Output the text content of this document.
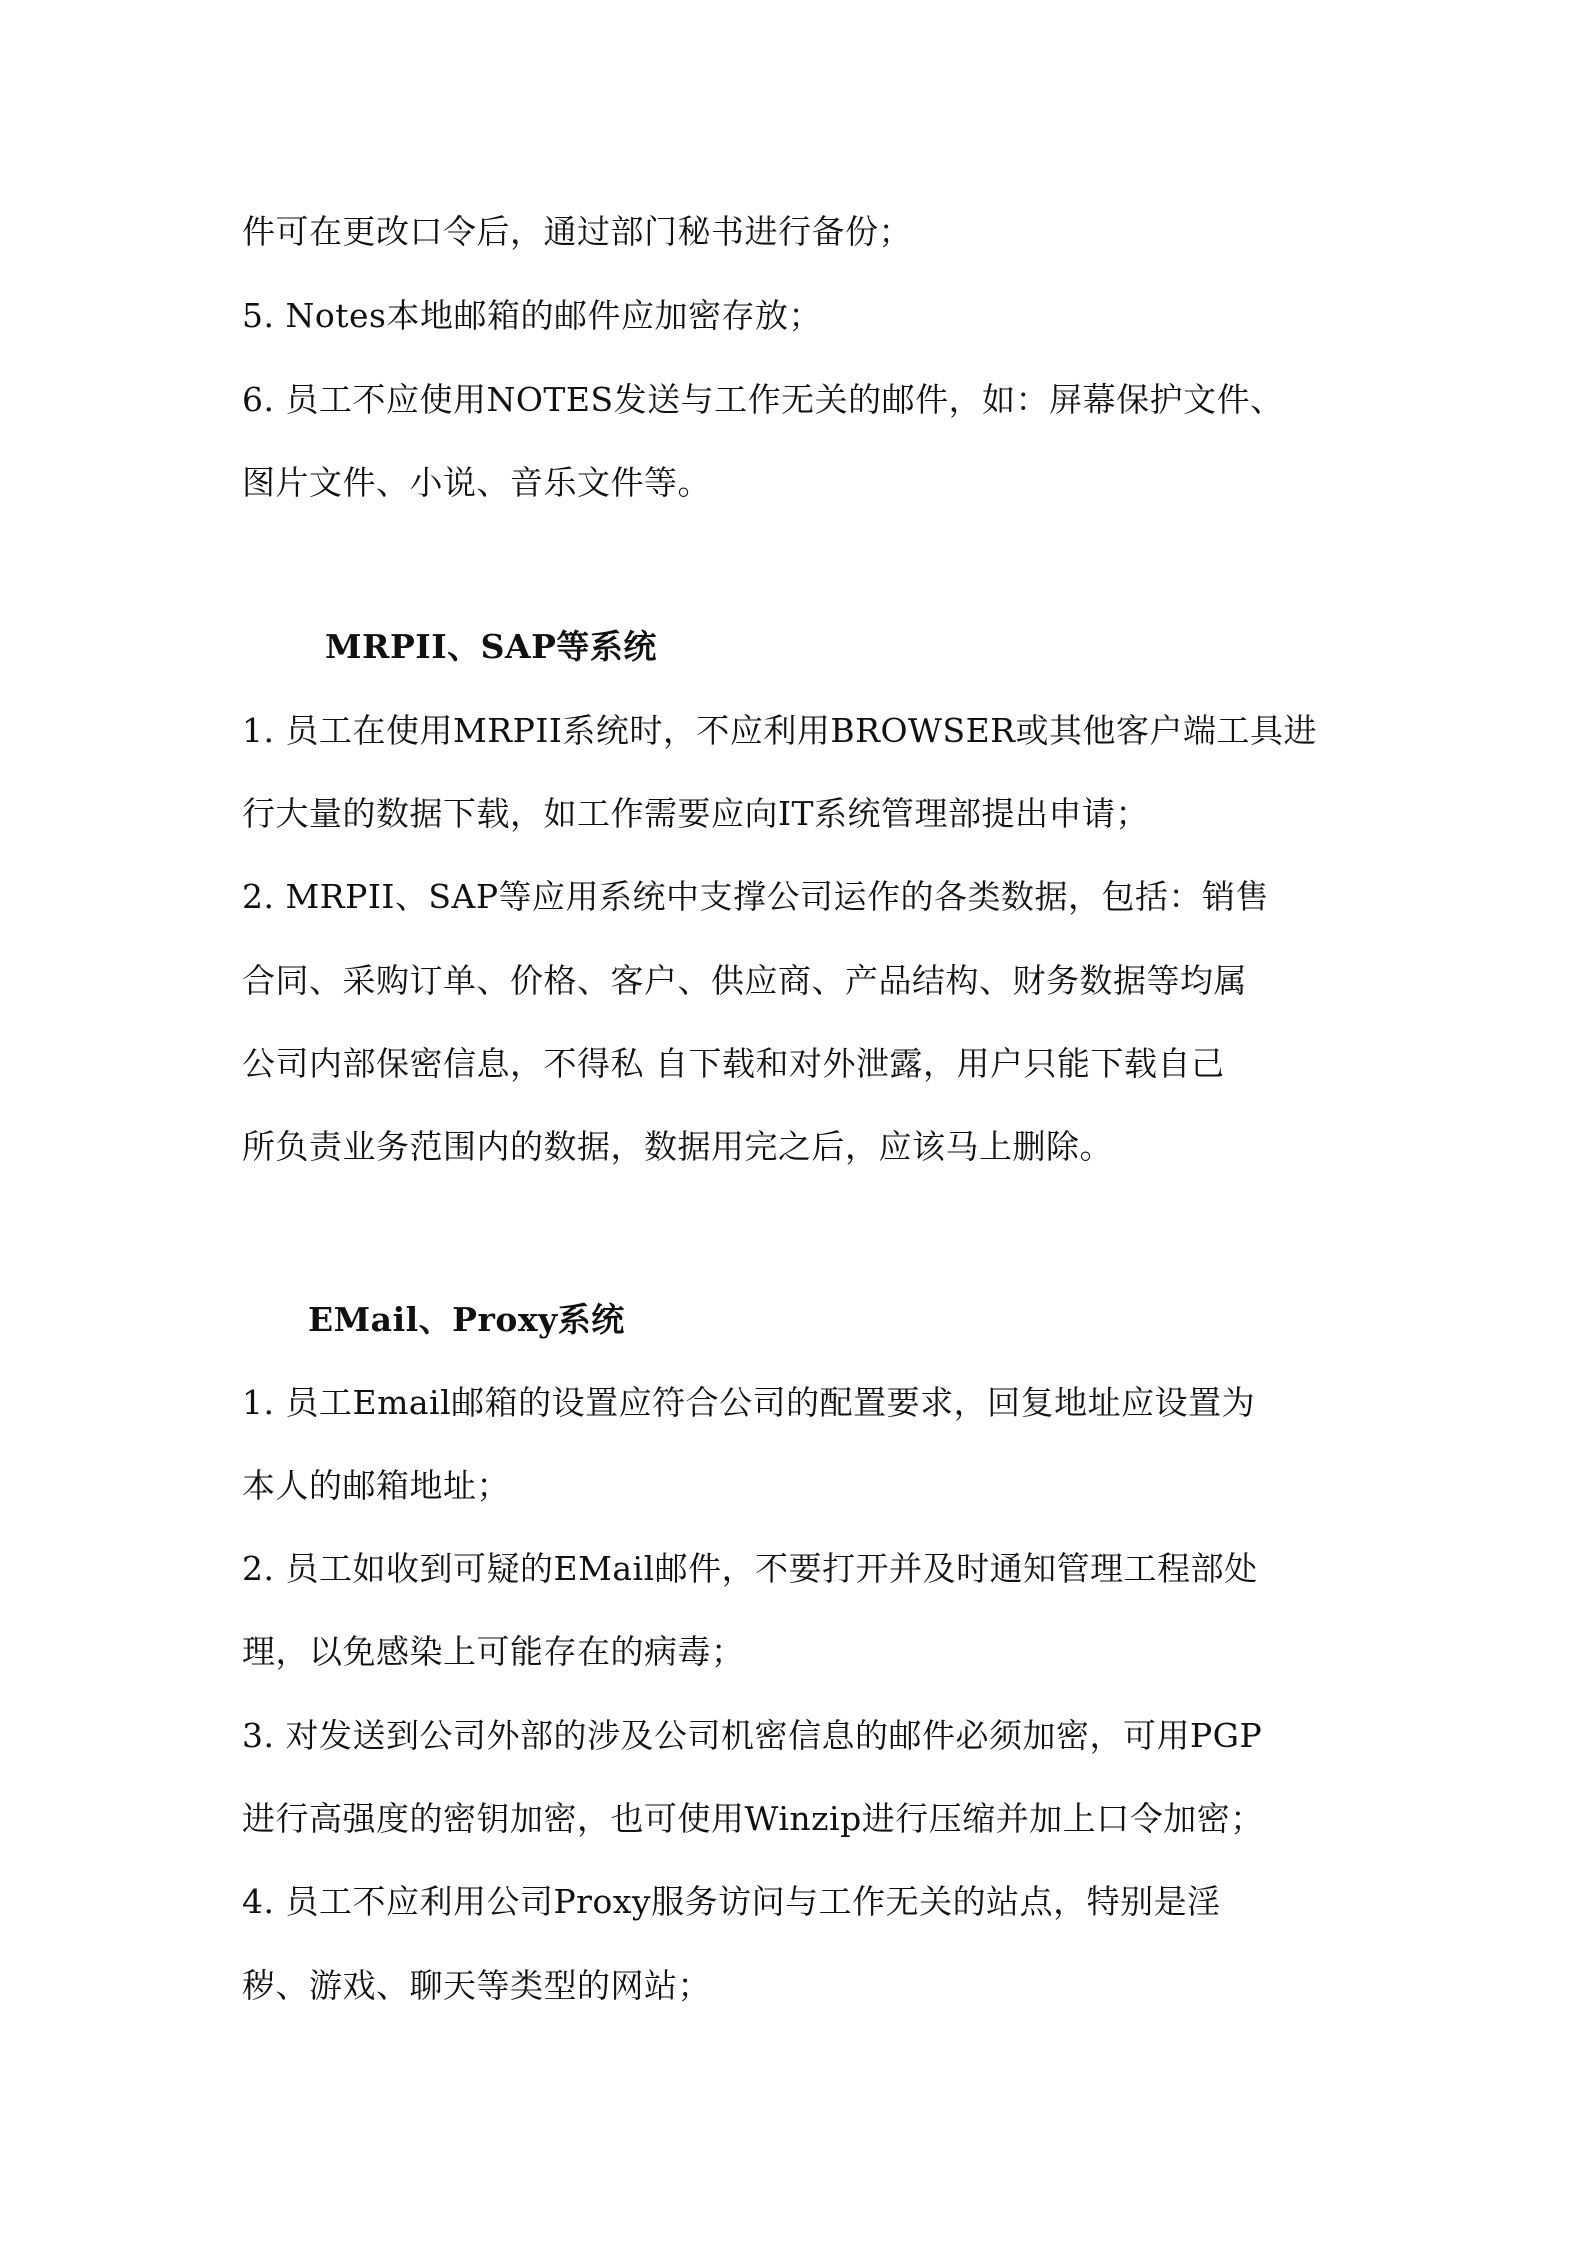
件可在更改口令后，通过部门秘书进行备份；
5. Notes本地邮箱的邮件应加密存放；
6. 员工不应使用NOTES发送与工作无关的邮件，如：屏幕保护文件、
图片文件、小说、音乐文件等。
MRPII、SAP等系统
1. 员工在使用MRPII系统时，不应利用BROWSER或其他客户端工具进
行大量的数据下载，如工作需要应向IT系统管理部提出申请；
2. MRPII、SAP等应用系统中支撑公司运作的各类数据，包括：销售
合同、采购订单、价格、客户、供应商、产品结构、财务数据等均属
公司内部保密信息，不得私 自下载和对外泄露，用户只能下载自己
所负责业务范围内的数据，数据用完之后，应该马上删除。
EMail、Proxy系统
1. 员工Email邮箱的设置应符合公司的配置要求，回复地址应设置为
本人的邮箱地址；
2. 员工如收到可疑的EMail邮件，不要打开并及时通知管理工程部处
理，以免感染上可能存在的病毒；
3. 对发送到公司外部的涉及公司机密信息的邮件必须加密，可用PGP
进行高强度的密钥加密，也可使用Winzip进行压缩并加上口令加密；
4. 员工不应利用公司Proxy服务访问与工作无关的站点，特别是淫
秽、游戏、聊天等类型的网站；
